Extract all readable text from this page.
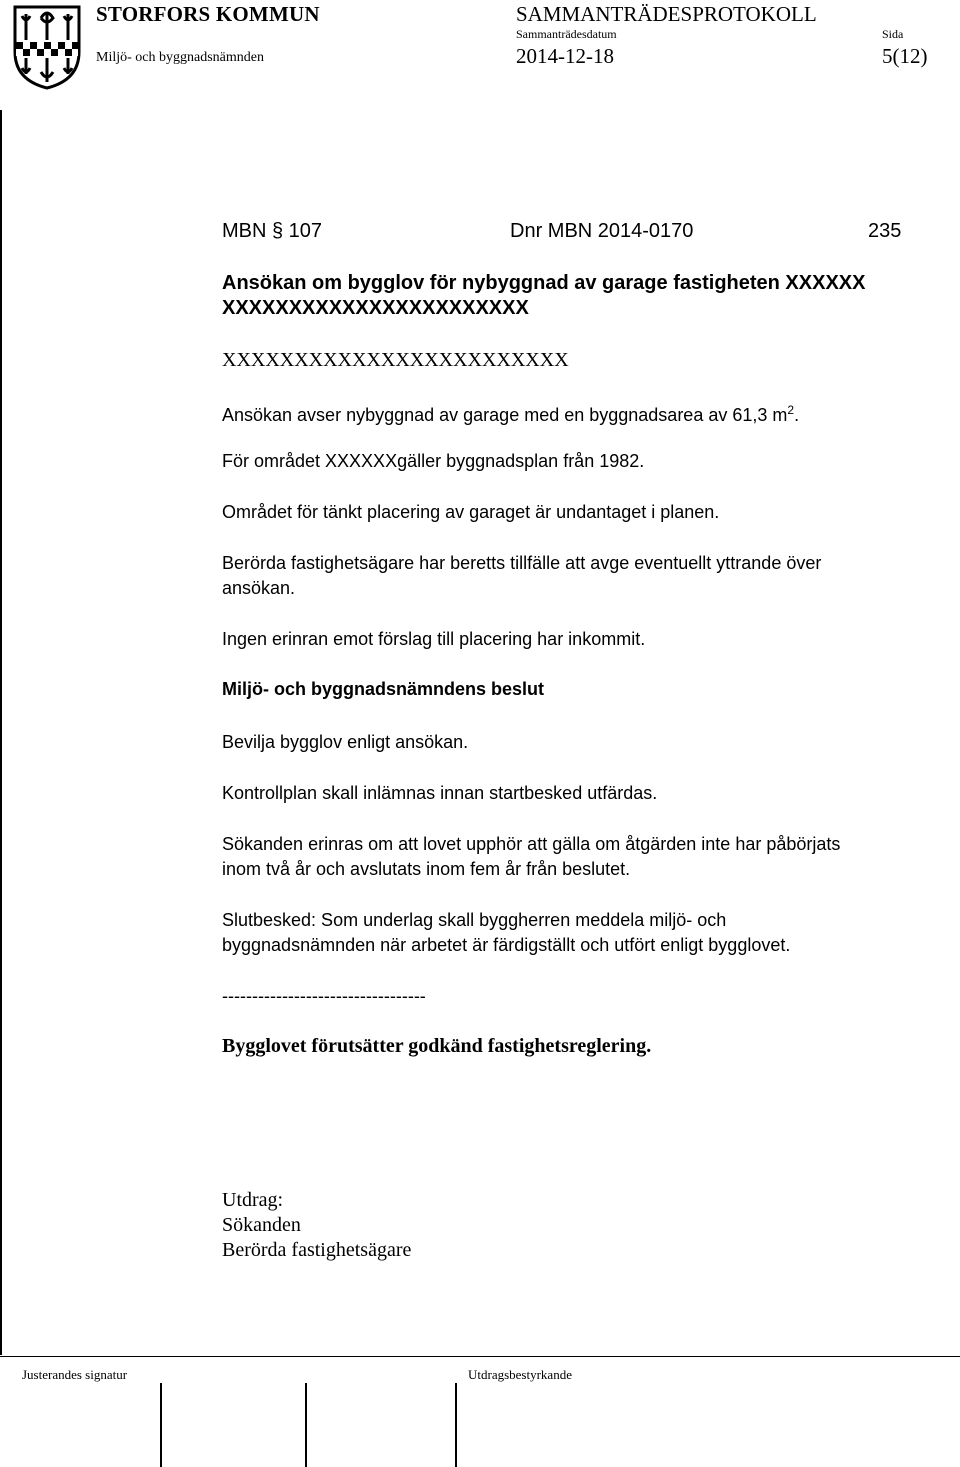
STORFORS KOMMUN
Miljö- och byggnadsnämnden
SAMMANTRÄDESPROTOKOLL
Sammanträdesdatum	Sida
2014-12-18	5(12)
MBN § 107	Dnr MBN 2014-0170	235
Ansökan om bygglov för nybyggnad av garage fastigheten XXXXXX
XXXXXXXXXXXXXXXXXXXXXXX
XXXXXXXXXXXXXXXXXXXXXXXX
Ansökan avser nybyggnad av garage med en byggnadsarea av 61,3 $m^2$.
För området XXXXXXgäller byggnadsplan från 1982.
Området för tänkt placering av garaget är undantaget i planen.
Berörda fastighetsägare har beretts tillfälle att avge eventuellt yttrande över
ansökan.
Ingen erinran emot förslag till placering har inkommit.
Miljö- och byggnadsnämndens beslut
Bevilja bygglov enligt ansökan.
Kontrollplan skall inlämnas innan startbesked utfärdas.
Sökanden erinras om att lovet upphör att gälla om åtgärden inte har påbörjats
inom två år och avslutats inom fem år från beslutet.
Slutbesked: Som underlag skall byggherren meddela miljö- och
byggnadsnämnden när arbetet är färdigställt och utfört enligt bygglovet.
----------------------------------
Bygglovet förutsätter godkänd fastighetsreglering.
Utdrag:
Sökanden
Berörda fastighetsägare
Justerandes signatur	Utdragsbestyrkande
